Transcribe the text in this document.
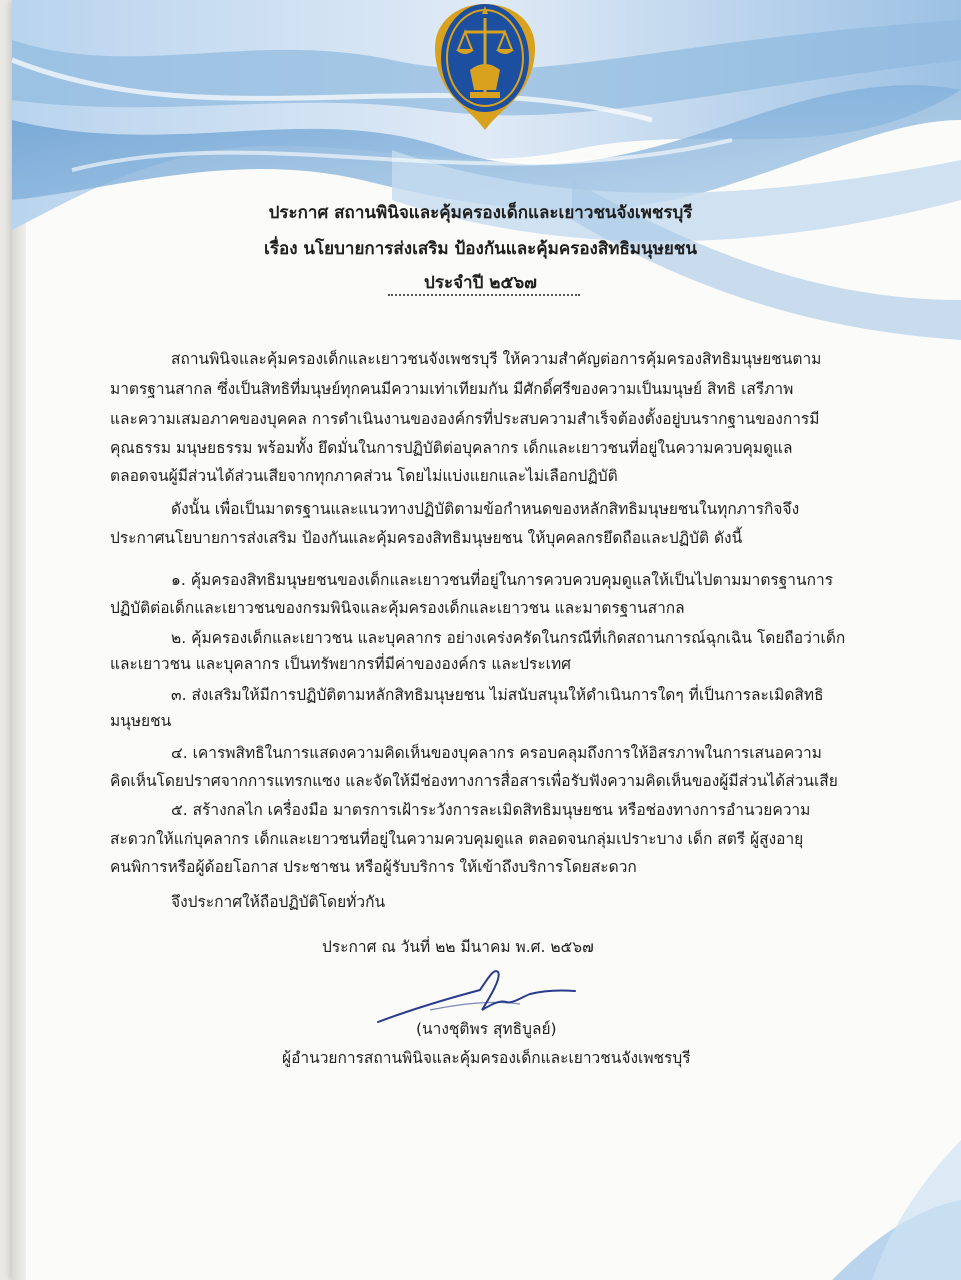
ประกาศ สถานพินิจและคุ้มครองเด็กและเยาวชนจังเพชรบุรี
เรื่อง นโยบายการส่งเสริม ป้องกันและคุ้มครองสิทธิมนุษยชน
ประจำปี ๒๕๖๗
สถานพินิจและคุ้มครองเด็กและเยาวชนจังเพชรบุรี ให้ความสำคัญต่อการคุ้มครองสิทธิมนุษยชนตาม
มาตรฐานสากล ซึ่งเป็นสิทธิที่มนุษย์ทุกคนมีความเท่าเทียมกัน มีศักดิ์ศรีของความเป็นมนุษย์ สิทธิ เสรีภาพ
และความเสมอภาคของบุคคล การดำเนินงานขององค์กรที่ประสบความสำเร็จต้องตั้งอยู่บนรากฐานของการมี
คุณธรรม มนุษยธรรม พร้อมทั้ง ยึดมั่นในการปฏิบัติต่อบุคลากร เด็กและเยาวชนที่อยู่ในความควบคุมดูแล
ตลอดจนผู้มีส่วนได้ส่วนเสียจากทุกภาคส่วน โดยไม่แบ่งแยกและไม่เลือกปฏิบัติ
ดังนั้น เพื่อเป็นมาตรฐานและแนวทางปฏิบัติตามข้อกำหนดของหลักสิทธิมนุษยชนในทุกภารกิจจึง
ประกาศนโยบายการส่งเสริม ป้องกันและคุ้มครองสิทธิมนุษยชน ให้บุคคลกรยึดถือและปฏิบัติ ดังนี้
๑. คุ้มครองสิทธิมนุษยชนของเด็กและเยาวชนที่อยู่ในการควบควบคุมดูแลให้เป็นไปตามมาตรฐานการ
ปฏิบัติต่อเด็กและเยาวชนของกรมพินิจและคุ้มครองเด็กและเยาวชน และมาตรฐานสากล
๒. คุ้มครองเด็กและเยาวชน และบุคลากร อย่างเคร่งครัดในกรณีที่เกิดสถานการณ์ฉุกเฉิน โดยถือว่าเด็ก
และเยาวชน และบุคลากร เป็นทรัพยากรที่มีค่าขององค์กร และประเทศ
๓. ส่งเสริมให้มีการปฏิบัติตามหลักสิทธิมนุษยชน ไม่สนับสนุนให้ดำเนินการใดๆ ที่เป็นการละเมิดสิทธิ
มนุษยชน
๔. เคารพสิทธิในการแสดงความคิดเห็นของบุคลากร ครอบคลุมถึงการให้อิสรภาพในการเสนอความ
คิดเห็นโดยปราศจากการแทรกแซง และจัดให้มีช่องทางการสื่อสารเพื่อรับฟังความคิดเห็นของผู้มีส่วนได้ส่วนเสีย
๕. สร้างกลไก เครื่องมือ มาตรการเฝ้าระวังการละเมิดสิทธิมนุษยชน หรือช่องทางการอำนวยความ
สะดวกให้แก่บุคลากร เด็กและเยาวชนที่อยู่ในความควบคุมดูแล ตลอดจนกลุ่มเปราะบาง เด็ก สตรี ผู้สูงอายุ
คนพิการหรือผู้ด้อยโอกาส ประชาชน หรือผู้รับบริการ ให้เข้าถึงบริการโดยสะดวก
จึงประกาศให้ถือปฏิบัติโดยทั่วกัน
ประกาศ ณ วันที่ ๒๒ มีนาคม พ.ศ. ๒๕๖๗
(นางชุติพร สุทธิบูลย์)
ผู้อำนวยการสถานพินิจและคุ้มครองเด็กและเยาวชนจังเพชรบุรี
